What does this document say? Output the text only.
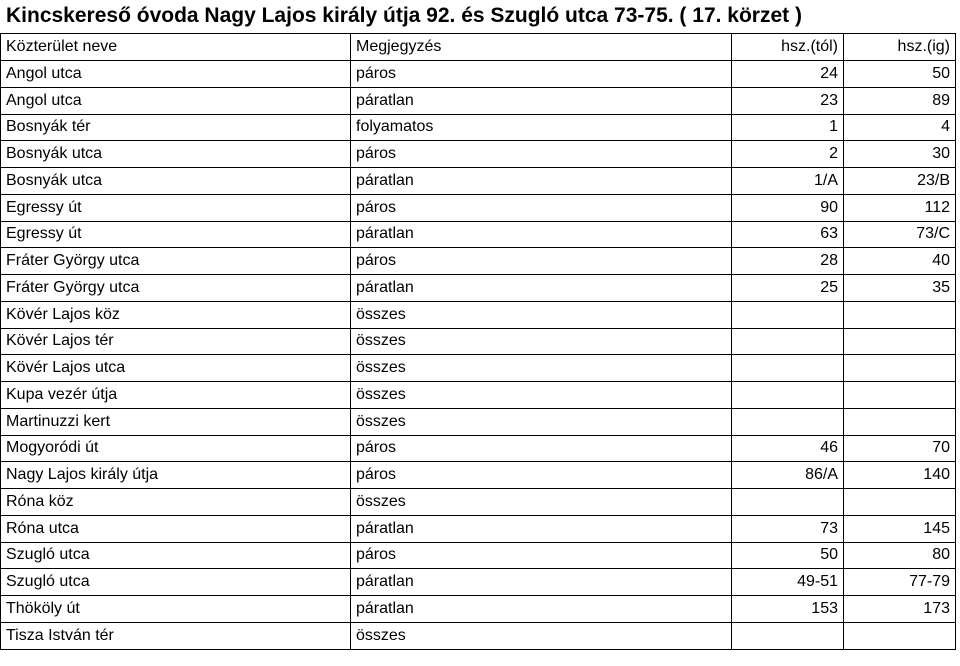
Kincskereső óvoda Nagy Lajos király útja 92. és Szugló utca 73-75. ( 17. körzet )
Közterület neve	Megjegyzés	hsz.(tól)	hsz.(ig)
Angol utca	páros	24	50
Angol utca	páratlan	23	89
Bosnyák tér	folyamatos	1	4
Bosnyák utca	páros	2	30
Bosnyák utca	páratlan	1/A	23/B
Egressy út	páros	90	112
Egressy út	páratlan	63	73/C
Fráter György utca	páros	28	40
Fráter György utca	páratlan	25	35
Kövér Lajos köz	összes		
Kövér Lajos tér	összes		
Kövér Lajos utca	összes		
Kupa vezér útja	összes		
Martinuzzi kert	összes		
Mogyoródi út	páros	46	70
Nagy Lajos király útja	páros	86/A	140
Róna köz	összes		
Róna utca	páratlan	73	145
Szugló utca	páros	50	80
Szugló utca	páratlan	49-51	77-79
Thököly út	páratlan	153	173
Tisza István tér	összes		
